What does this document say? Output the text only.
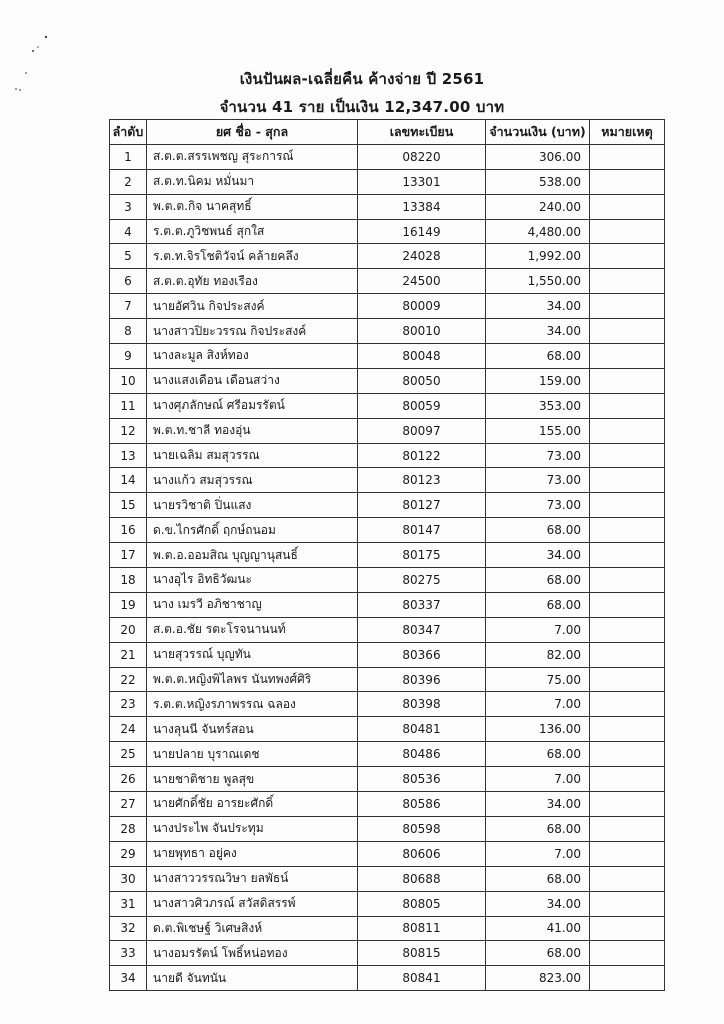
เงินปันผล-เฉลี่ยคืน ค้างจ่าย ปี 2561
จำนวน 41 ราย เป็นเงิน 12,347.00 บาท
ลำดับ	ยศ ชื่อ - สุกล	เลขทะเบียน	จำนวนเงิน (บาท)	หมายเหตุ
1	ส.ต.ต.สรรเพชญ สุระการณ์	08220	306.00	
2	ส.ต.ท.นิคม หมั่นมา	13301	538.00	
3	พ.ต.ต.กิจ นาคสุทธิ์	13384	240.00	
4	ร.ต.ต.ภูวิชพนธ์ สุกใส	16149	4,480.00	
5	ร.ต.ท.จิรโชติวัจน์ คล้ายคลึง	24028	1,992.00	
6	ส.ต.ต.อุทัย ทองเรือง	24500	1,550.00	
7	นายอัศวิน กิจประสงค์	80009	34.00	
8	นางสาวปิยะวรรณ กิจประสงค์	80010	34.00	
9	นางละมูล สิงห์ทอง	80048	68.00	
10	นางแสงเดือน เดือนสว่าง	80050	159.00	
11	นางศุภลักษณ์ ศรีอมรรัตน์	80059	353.00	
12	พ.ต.ท.ชาลี ทองอุ่น	80097	155.00	
13	นายเฉลิม สมสุวรรณ	80122	73.00	
14	นางแก้ว สมสุวรรณ	80123	73.00	
15	นายรวิชาติ ปิ่นแสง	80127	73.00	
16	ด.ข.ไกรศักดิ์ ฤกษ์ถนอม	80147	68.00	
17	พ.ต.อ.ออมสิณ บุญญานุสนธิ์	80175	34.00	
18	นางอุไร อิทธิวัฒนะ	80275	68.00	
19	นาง เมรวี อภิชาชาญ	80337	68.00	
20	ส.ต.อ.ชัย รตะโรจนานนท์	80347	7.00	
21	นายสุวรรณ์ บุญทัน	80366	82.00	
22	พ.ต.ต.หญิงพิไลพร นันทพงศ์ศิริ	80396	75.00	
23	ร.ต.ต.หญิงรภาพรรณ ฉลอง	80398	7.00	
24	นางลุนนี จันทร์สอน	80481	136.00	
25	นายปลาย บุราณเดช	80486	68.00	
26	นายชาติชาย พูลสุข	80536	7.00	
27	นายศักดิ์ชัย อารยะศักดิ์	80586	34.00	
28	นางประไพ จันประทุม	80598	68.00	
29	นายพุทธา อยู่คง	80606	7.00	
30	นางสาววรรณวิษา ยลพัธน์	80688	68.00	
31	นางสาวศิวภรณ์ สวัสดิสรรพ์	80805	34.00	
32	ด.ต.พิเชษฐ์ วิเศษสิงห์	80811	41.00	
33	นางอมรรัตน์ โพธิ์หน่อทอง	80815	68.00	
34	นายดี จันทนัน	80841	823.00	
